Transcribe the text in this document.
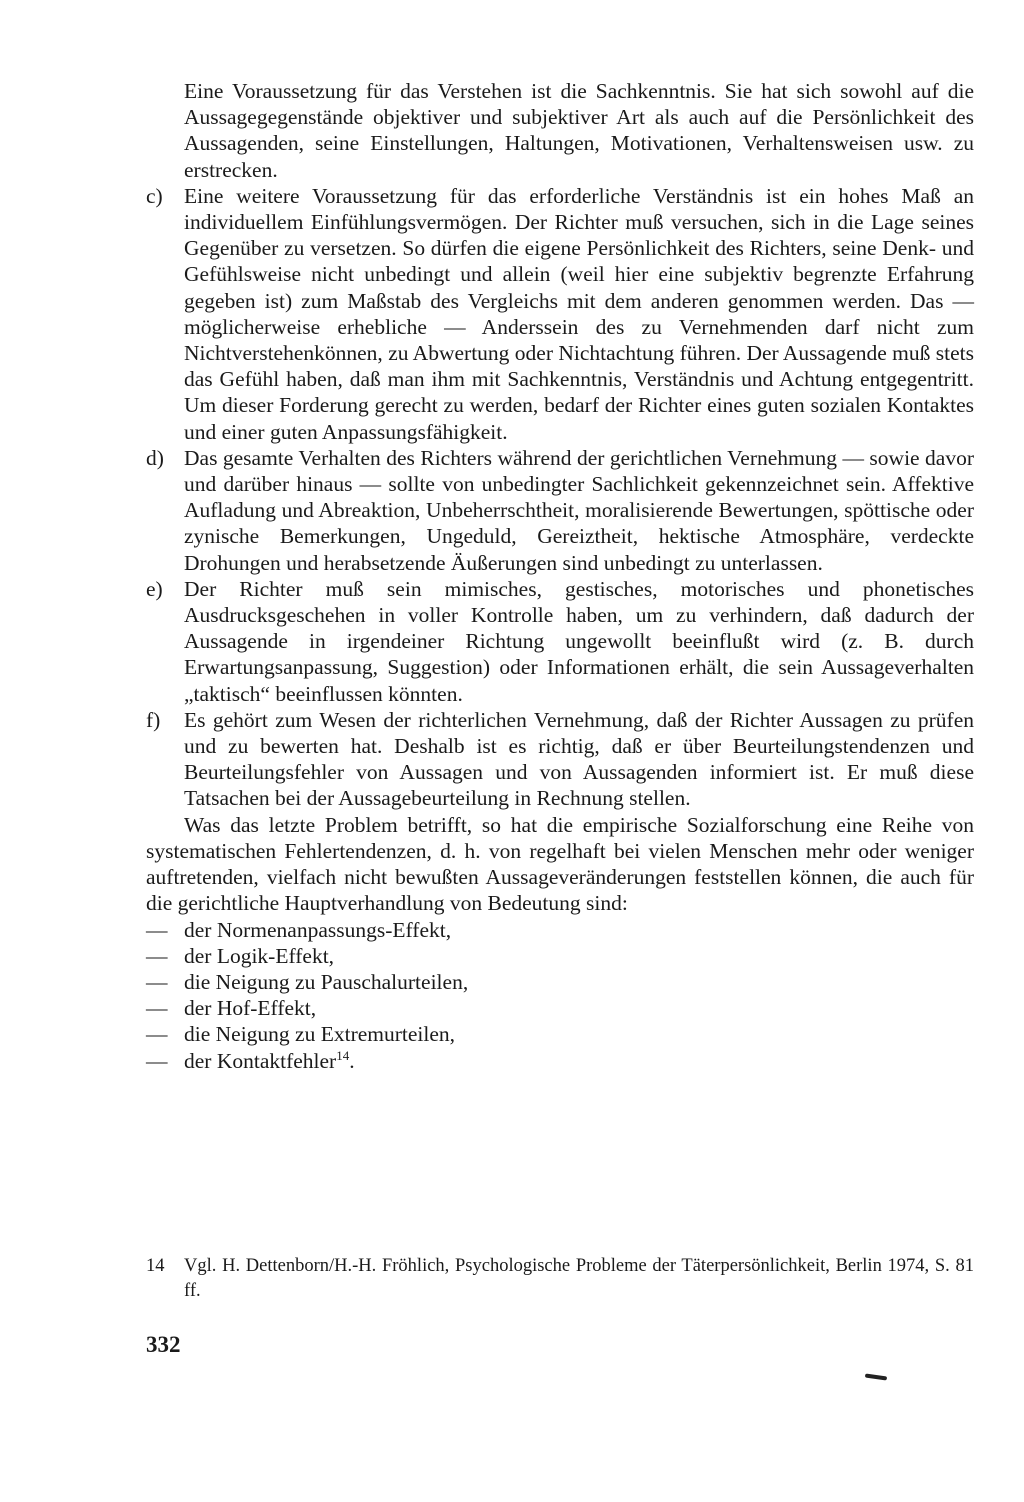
Eine Voraussetzung für das Verstehen ist die Sachkenntnis. Sie hat sich sowohl auf die Aussagegegenstände objektiver und subjektiver Art als auch auf die Persönlichkeit des Aussagenden, seine Einstellungen, Haltungen, Motivationen, Verhaltensweisen usw. zu erstrecken.

c) Eine weitere Voraussetzung für das erforderliche Verständnis ist ein hohes Maß an individuellem Einfühlungsvermögen. Der Richter muß versuchen, sich in die Lage seines Gegenüber zu versetzen. So dürfen die eigene Persönlichkeit des Richters, seine Denk- und Gefühlsweise nicht unbedingt und allein (weil hier eine subjektiv begrenzte Erfahrung gegeben ist) zum Maßstab des Vergleichs mit dem anderen genommen werden. Das — möglicherweise erhebliche — Anderssein des zu Vernehmenden darf nicht zum Nichtverstehenkönnen, zu Abwertung oder Nichtachtung führen. Der Aussagende muß stets das Gefühl haben, daß man ihm mit Sachkenntnis, Verständnis und Achtung entgegentritt. Um dieser Forderung gerecht zu werden, bedarf der Richter eines guten sozialen Kontaktes und einer guten Anpassungsfähigkeit.
d) Das gesamte Verhalten des Richters während der gerichtlichen Vernehmung — sowie davor und darüber hinaus — sollte von unbedingter Sachlichkeit gekennzeichnet sein. Affektive Aufladung und Abreaktion, Unbeherrschtheit, moralisierende Bewertungen, spöttische oder zynische Bemerkungen, Ungeduld, Gereiztheit, hektische Atmosphäre, verdeckte Drohungen und herabsetzende Äußerungen sind unbedingt zu unterlassen.
e) Der Richter muß sein mimisches, gestisches, motorisches und phonetisches Ausdrucksgeschehen in voller Kontrolle haben, um zu verhindern, daß dadurch der Aussagende in irgendeiner Richtung ungewollt beeinflußt wird (z. B. durch Erwartungsanpassung, Suggestion) oder Informationen erhält, die sein Aussageverhalten „taktisch“ beeinflussen könnten.
f) Es gehört zum Wesen der richterlichen Vernehmung, daß der Richter Aussagen zu prüfen und zu bewerten hat. Deshalb ist es richtig, daß er über Beurteilungstendenzen und Beurteilungsfehler von Aussagen und von Aussagenden informiert ist. Er muß diese Tatsachen bei der Aussagebeurteilung in Rechnung stellen.

Was das letzte Problem betrifft, so hat die empirische Sozialforschung eine Reihe von systematischen Fehlertendenzen, d. h. von regelhaft bei vielen Menschen mehr oder weniger auftretenden, vielfach nicht bewußten Aussageveränderungen feststellen können, die auch für die gerichtliche Hauptverhandlung von Bedeutung sind:

— der Normenanpassungs-Effekt,
— der Logik-Effekt,
— die Neigung zu Pauschalurteilen,
— der Hof-Effekt,
— die Neigung zu Extremurteilen,
— der Kontaktfehler$^{14}$.
14	Vgl. H. Dettenborn/H.-H. Fröhlich, Psychologische Probleme der Täterpersönlichkeit, Berlin 1974, S. 81 ff.
332
